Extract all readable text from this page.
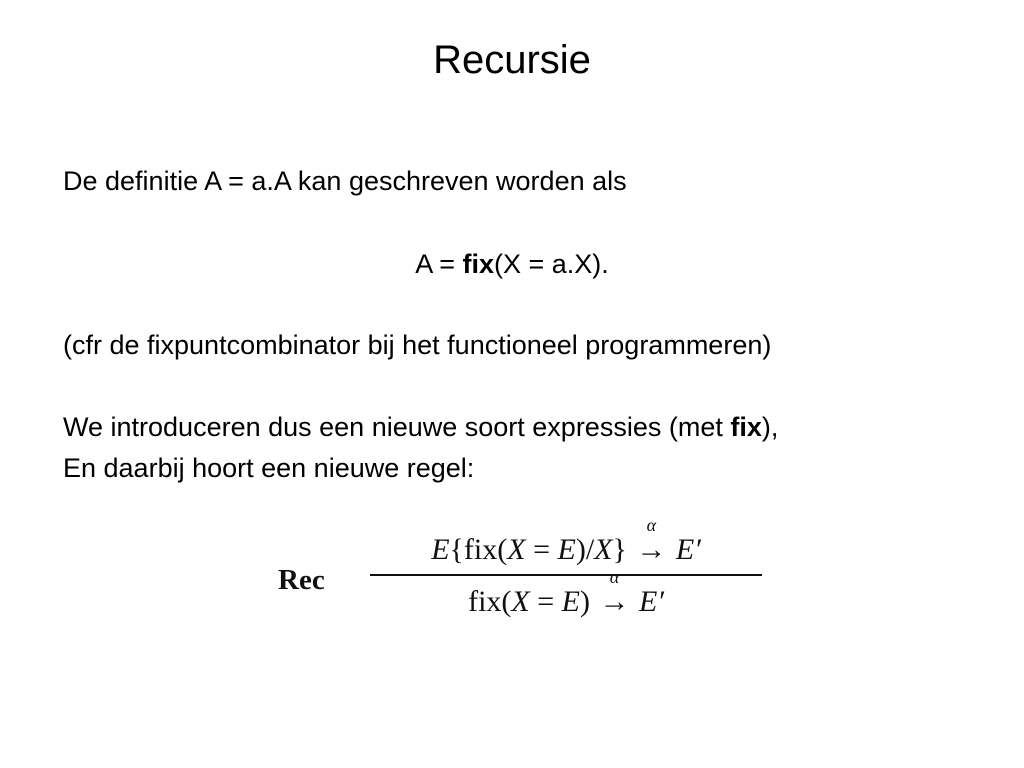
Recursie
De definitie A = a.A kan geschreven worden als
A = fix(X = a.X).
(cfr de fixpuntcombinator bij het functioneel programmeren)
We introduceren dus een nieuwe soort expressies (met fix),
En daarbij hoort een nieuwe regel:
Rec
E{fix(X = E)/X}
α
→ E′
fix(X = E)
α
→ E′
